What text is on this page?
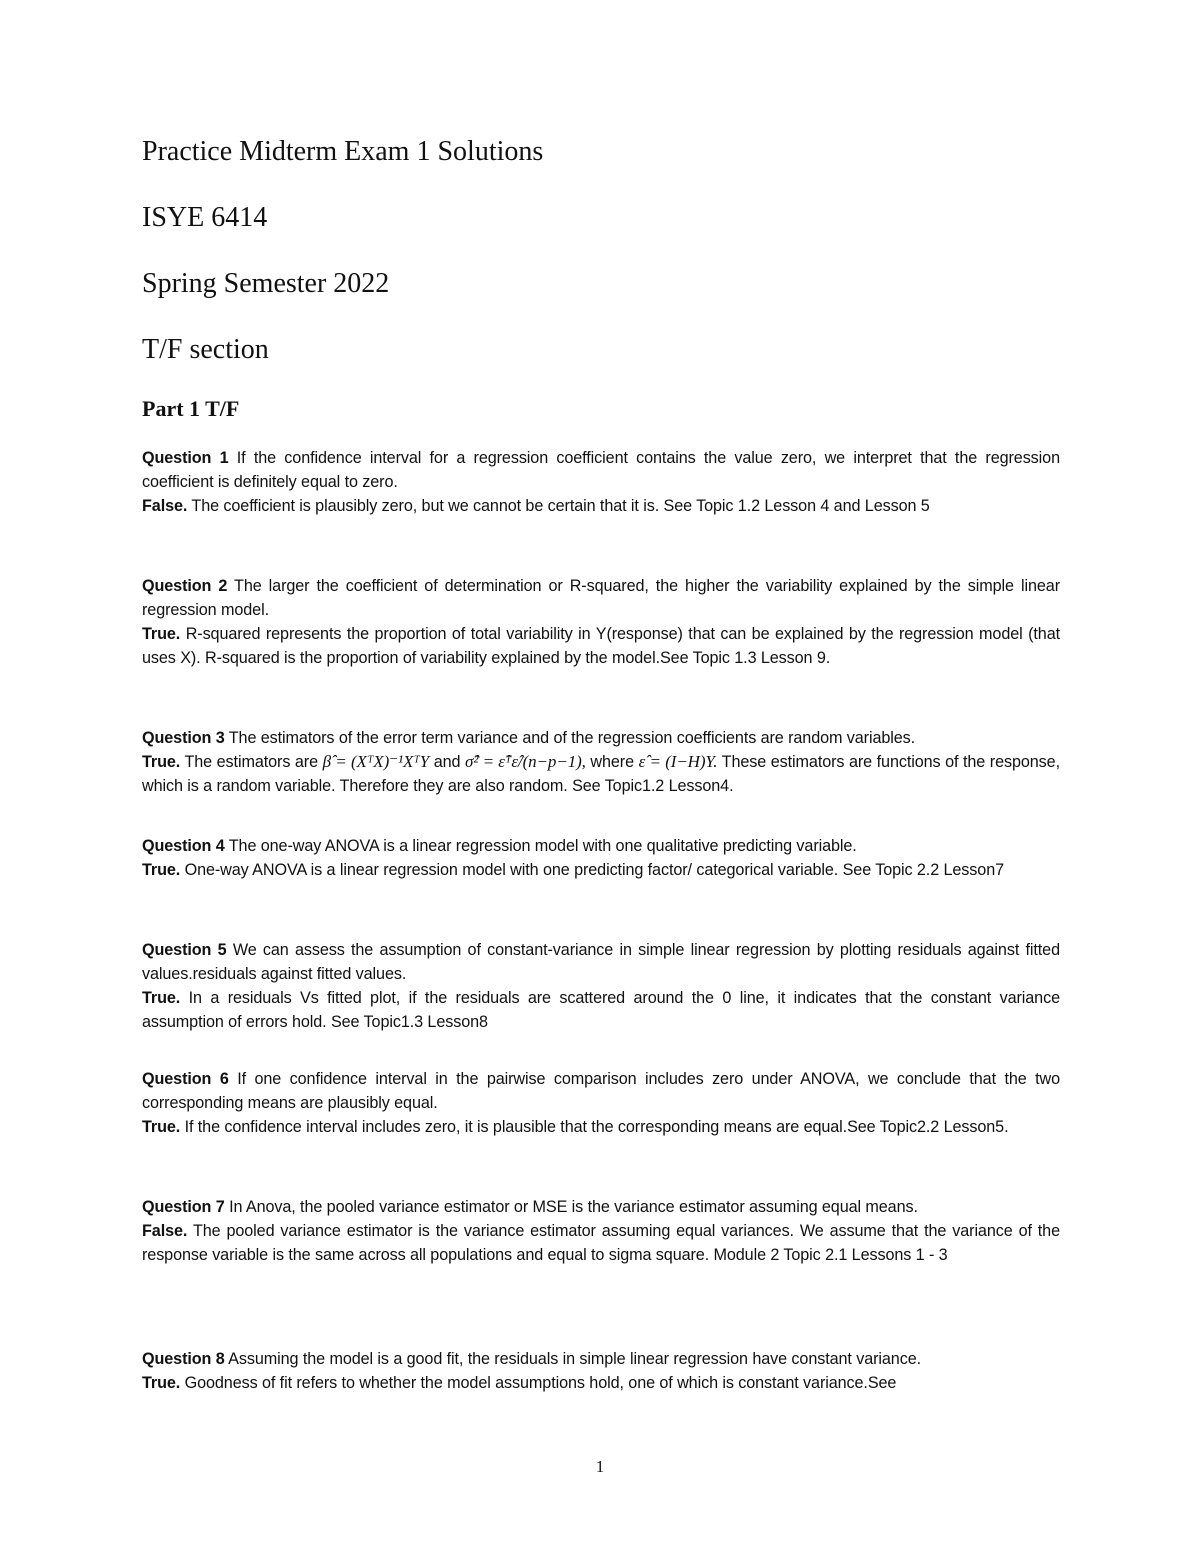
Practice Midterm Exam 1 Solutions
ISYE 6414
Spring Semester 2022
T/F section
Part 1 T/F

Question 1 If the confidence interval for a regression coefficient contains the value zero, we interpret that the regression coefficient is definitely equal to zero.

False. The coefficient is plausibly zero, but we cannot be certain that it is. See Topic 1.2 Lesson 4 and Lesson 5

Question 2 The larger the coefficient of determination or R-squared, the higher the variability explained by the simple linear regression model.

True. R-squared represents the proportion of total variability in Y(response) that can be explained by the regression model (that uses X). R-squared is the proportion of variability explained by the model.See Topic 1.3 Lesson 9.

Question 3 The estimators of the error term variance and of the regression coefficients are random variables.

True. The estimators are β̂ = (XᵀX)⁻¹XᵀY and σ̂² = ε̂ᵀε̂/(n−p−1), where ε̂ = (I−H)Y. These estimators are functions of the response, which is a random variable. Therefore they are also random. See Topic1.2 Lesson4.

Question 4 The one-way ANOVA is a linear regression model with one qualitative predicting variable.

True. One-way ANOVA is a linear regression model with one predicting factor/ categorical variable. See Topic 2.2 Lesson7

Question 5 We can assess the assumption of constant-variance in simple linear regression by plotting residuals against fitted values.residuals against fitted values.

True. In a residuals Vs fitted plot, if the residuals are scattered around the 0 line, it indicates that the constant variance assumption of errors hold. See Topic1.3 Lesson8

Question 6 If one confidence interval in the pairwise comparison includes zero under ANOVA, we conclude that the two corresponding means are plausibly equal.

True. If the confidence interval includes zero, it is plausible that the corresponding means are equal.See Topic2.2 Lesson5.

Question 7 In Anova, the pooled variance estimator or MSE is the variance estimator assuming equal means.

False. The pooled variance estimator is the variance estimator assuming equal variances. We assume that the variance of the response variable is the same across all populations and equal to sigma square. Module 2 Topic 2.1 Lessons 1 - 3

Question 8 Assuming the model is a good fit, the residuals in simple linear regression have constant variance.

True. Goodness of fit refers to whether the model assumptions hold, one of which is constant variance.See

1
